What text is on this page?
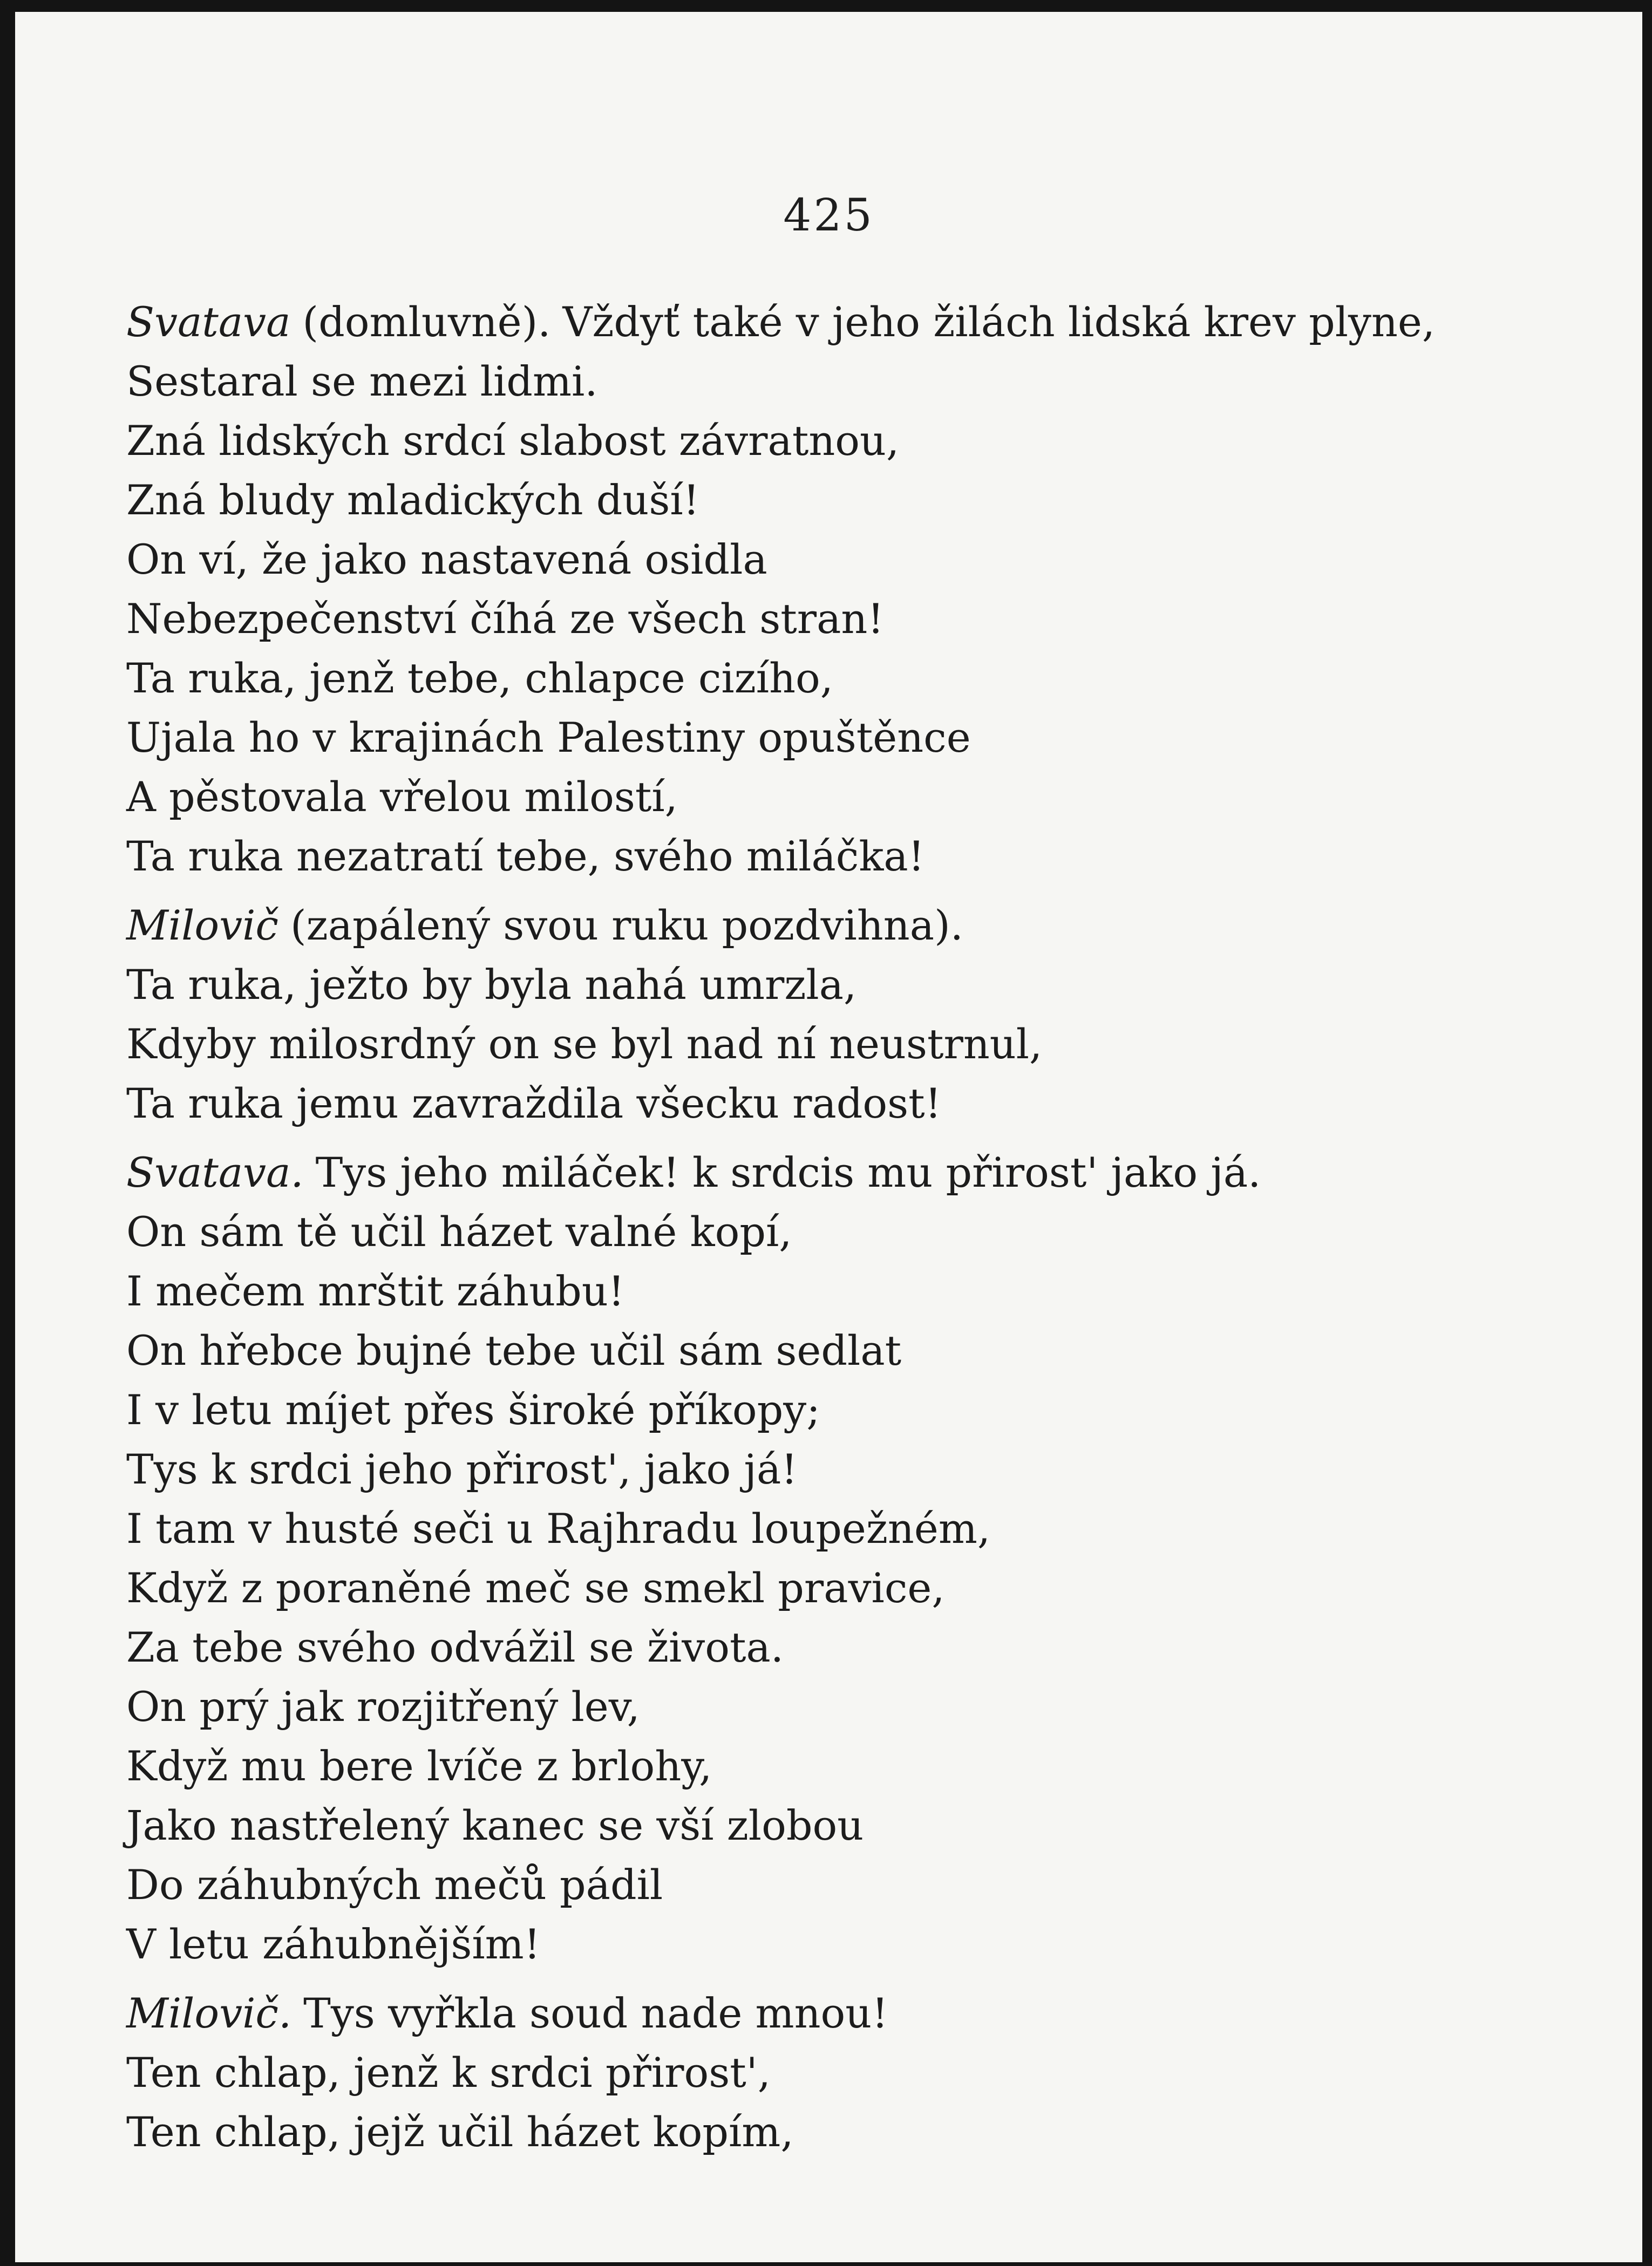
425
Svatava (domluvně). Vždyť také v jeho žilách lidská krev plyne,
Sestaral se mezi lidmi.
Zná lidských srdcí slabost závratnou,
Zná bludy mladických duší!
On ví, že jako nastavená osidla
Nebezpečenství číhá ze všech stran!
Ta ruka, jenž tebe, chlapce cizího,
Ujala ho v krajinách Palestiny opuštěnce
A pěstovala vřelou milostí,
Ta ruka nezatratí tebe, svého miláčka!
Milovič (zapálený svou ruku pozdvihna).
Ta ruka, ježto by byla nahá umrzla,
Kdyby milosrdný on se byl nad ní neustrnul,
Ta ruka jemu zavraždila všecku radost!
Svatava. Tys jeho miláček! k srdcis mu přirost' jako já.
On sám tě učil házet valné kopí,
I mečem mrštit záhubu!
On hřebce bujné tebe učil sám sedlat
I v letu míjet přes široké příkopy;
Tys k srdci jeho přirost', jako já!
I tam v husté seči u Rajhradu loupežném,
Když z poraněné meč se smekl pravice,
Za tebe svého odvážil se života.
On prý jak rozjitřený lev,
Když mu bere lvíče z brlohy,
Jako nastřelený kanec se vší zlobou
Do záhubných mečů pádil
V letu záhubnějším!
Milovič. Tys vyřkla soud nade mnou!
Ten chlap, jenž k srdci přirost',
Ten chlap, jejž učil házet kopím,
